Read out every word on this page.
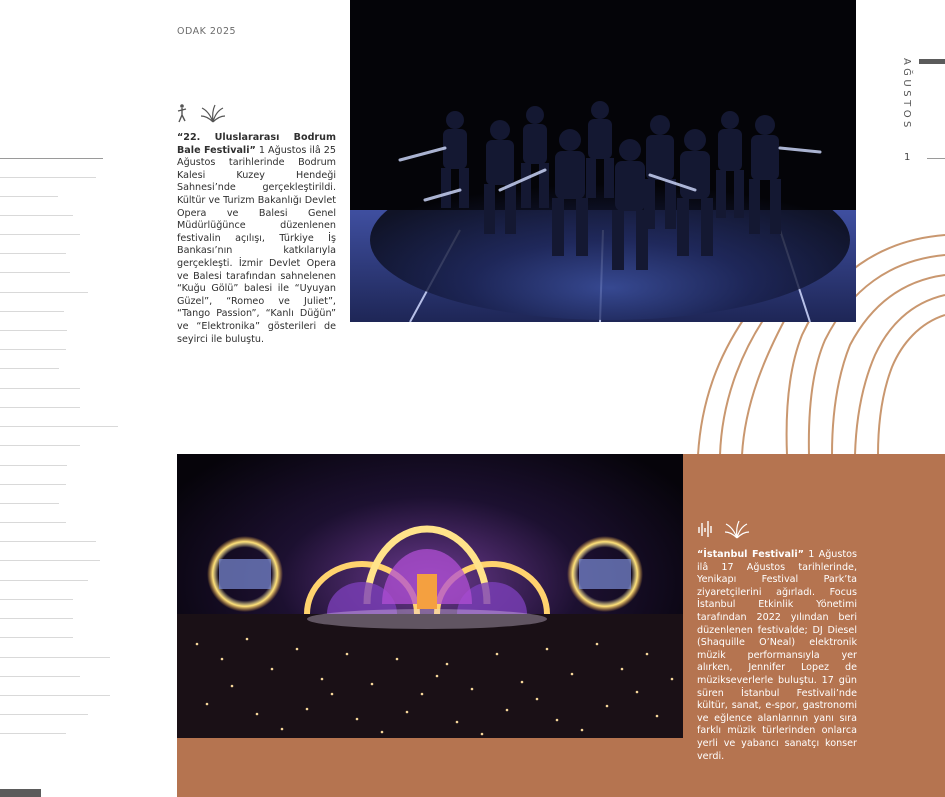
ODAK 2025
AĞUSTOS
1
“22. Uluslararası Bodrum Bale Festivali” 1 Ağustos ilâ 25 Ağustos tarihlerinde Bodrum Kalesi Kuzey Hendeği Sahnesi’nde gerçekleştirildi. Kültür ve Turizm Bakanlığı Devlet Opera ve Balesi Genel Müdürlüğünce düzenlenen festivalin açılışı, Türkiye İş Bankası’nın katkılarıyla gerçekleşti. İzmir Devlet Opera ve Balesi tarafından sahnelenen “Kuğu Gölü” balesi ile “Uyuyan Güzel”, “Romeo ve Juliet”, “Tango Passion”, “Kanlı Düğün” ve “Elektronika” gösterileri de seyirci ile buluştu.
“İstanbul Festivali” 1 Ağustos ilâ 17 Ağustos tarihlerinde, Yenikapı Festival Park’ta ziyaretçilerini ağırladı. Focus İstanbul Etkinlik Yönetimi tarafından 2022 yılından beri düzenlenen festivalde; DJ Diesel (Shaquille O’Neal) elektronik müzik performansıyla yer alırken, Jennifer Lopez de müzikseverlerle buluştu. 17 gün süren İstanbul Festivali’nde kültür, sanat, e-spor, gastronomi ve eğlence alanlarının yanı sıra farklı müzik türlerinden onlarca yerli ve yabancı sanatçı konser verdi.
